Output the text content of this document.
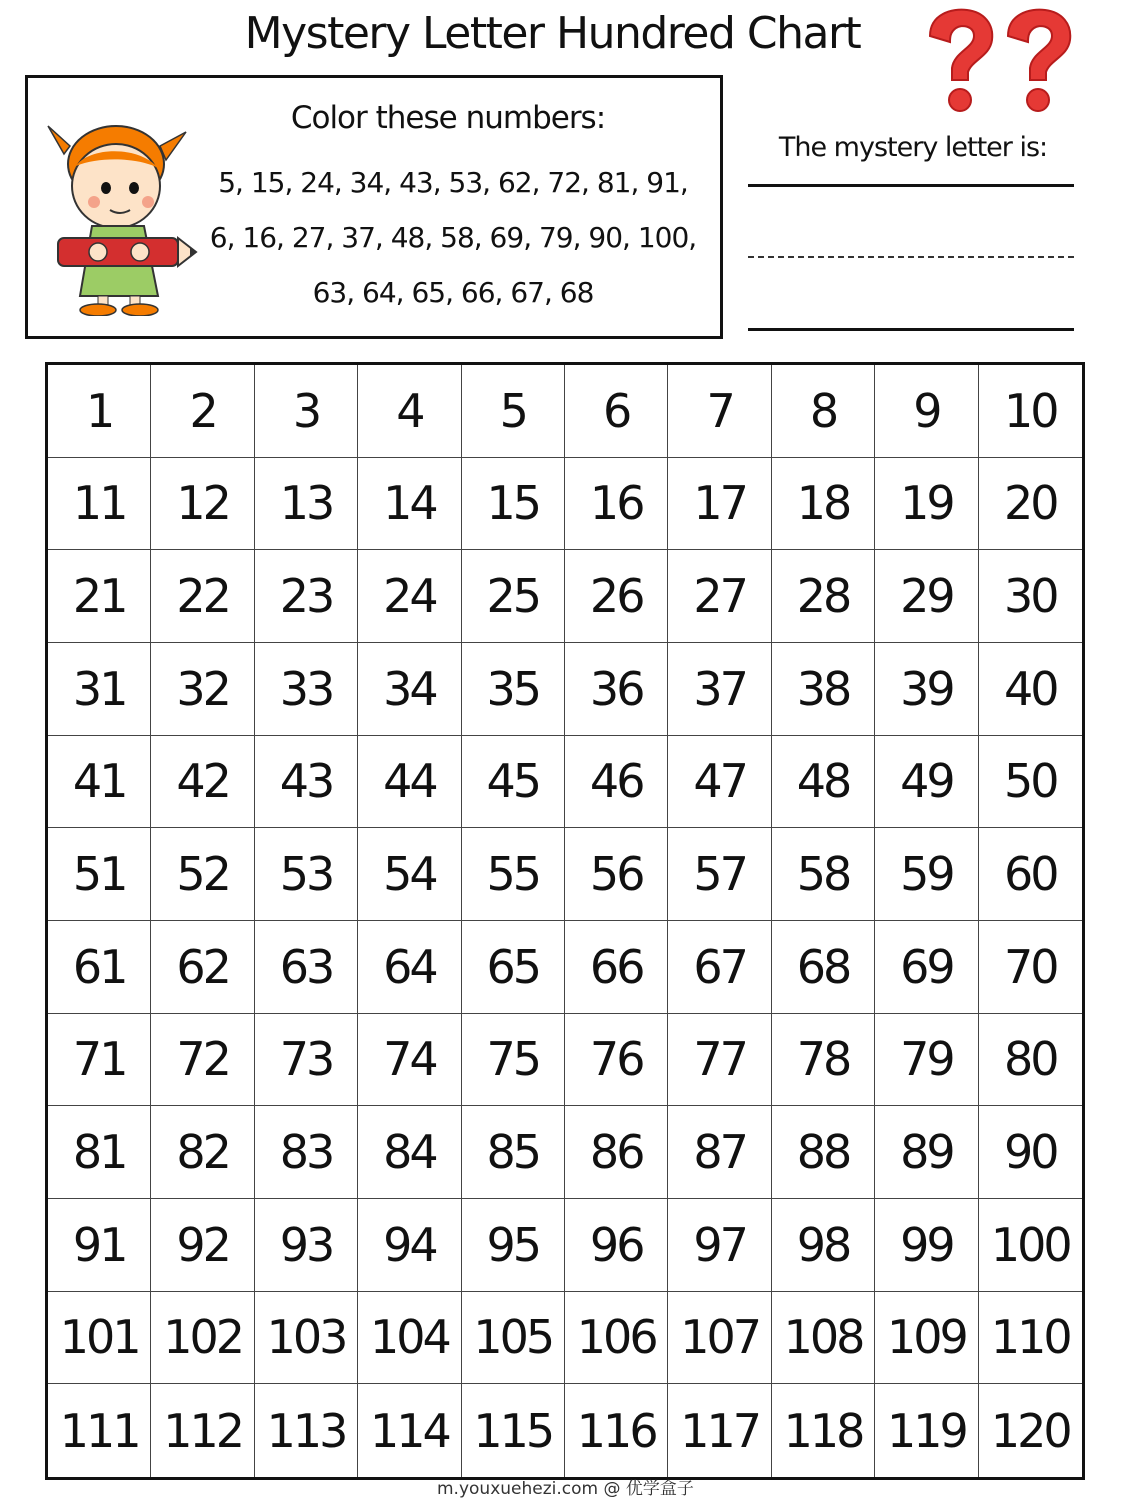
Mystery Letter Hundred Chart
Color these numbers:
5, 15, 24, 34, 43, 53, 62, 72, 81, 91,
6, 16, 27, 37, 48, 58, 69, 79, 90, 100,
63, 64, 65, 66, 67, 68
The mystery letter is:
1	2	3	4	5	6	7	8	9	10
11	12	13	14	15	16	17	18	19	20
21	22	23	24	25	26	27	28	29	30
31	32	33	34	35	36	37	38	39	40
41	42	43	44	45	46	47	48	49	50
51	52	53	54	55	56	57	58	59	60
61	62	63	64	65	66	67	68	69	70
71	72	73	74	75	76	77	78	79	80
81	82	83	84	85	86	87	88	89	90
91	92	93	94	95	96	97	98	99 100
101 102 103 104 105 106 107 108 109 110
111 112 113 114 115 116 117 118 119 120
m.youxuehezi.com @ 优学盒子
